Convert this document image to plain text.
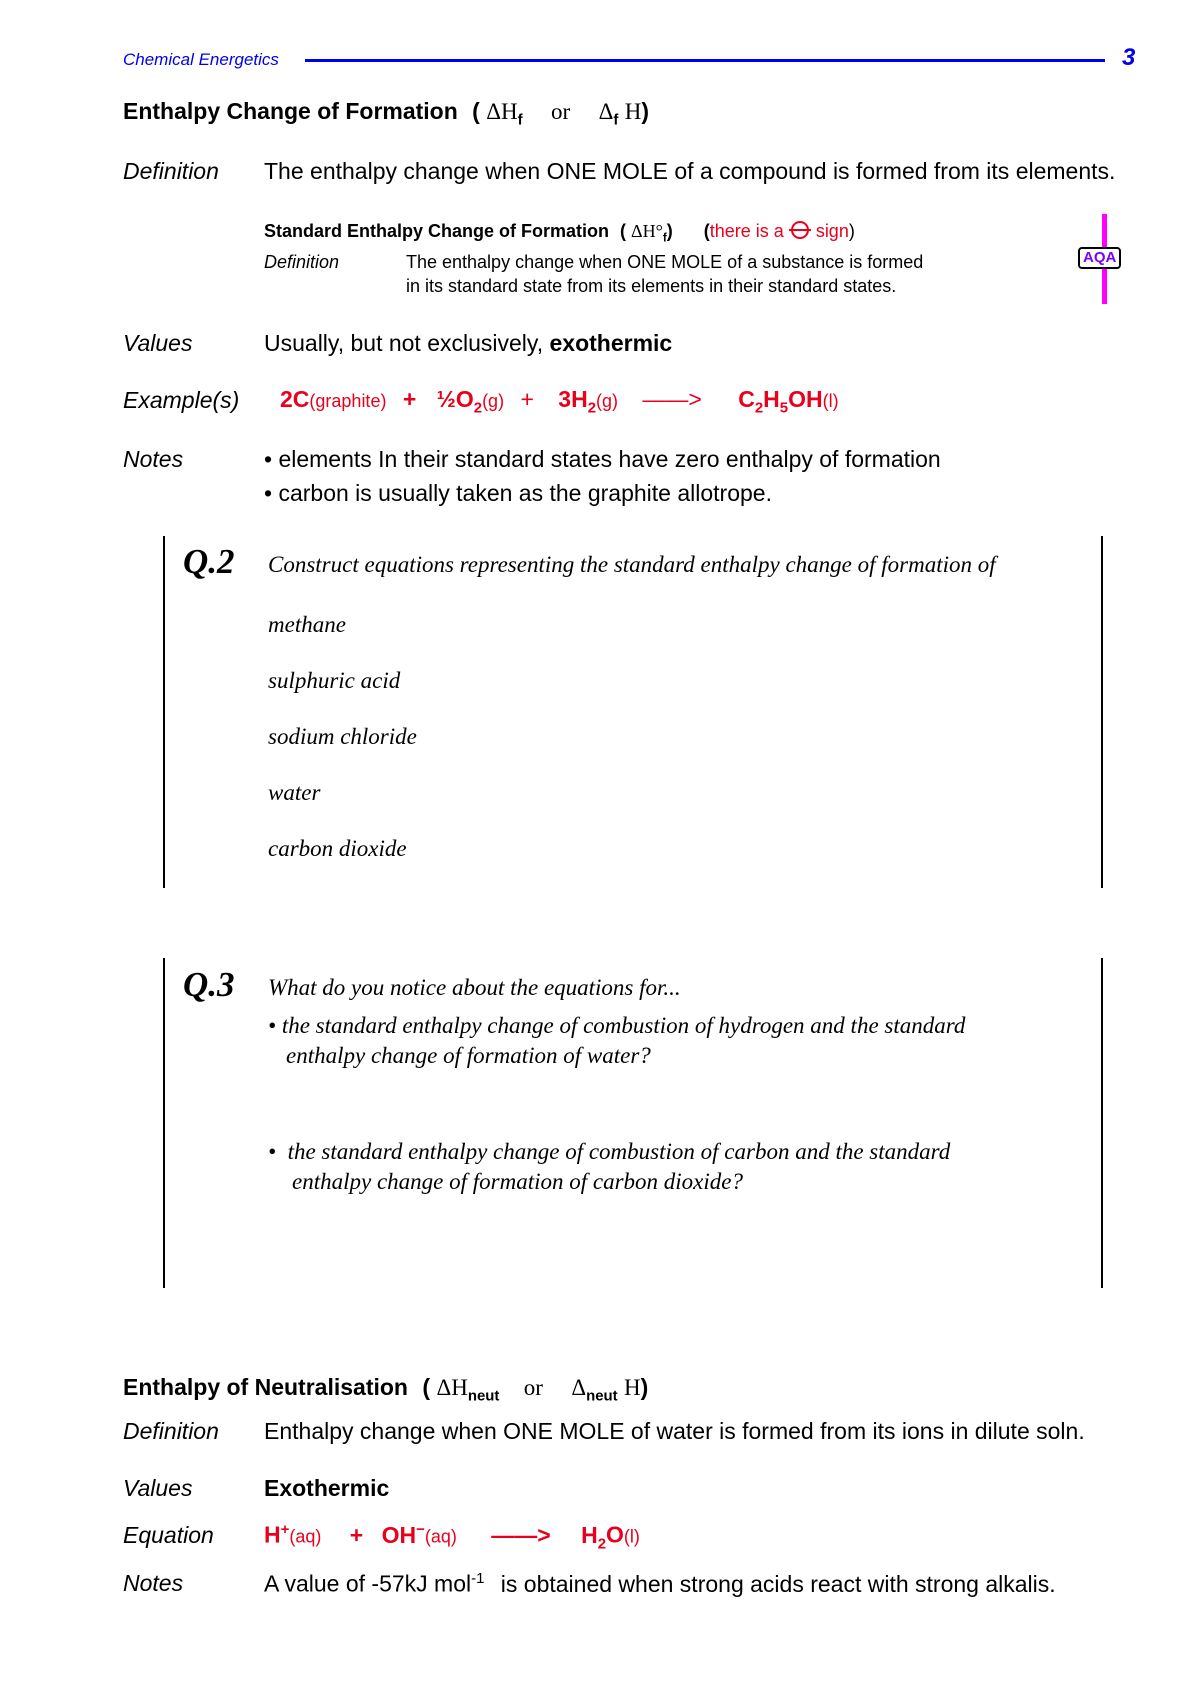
Chemical Energetics	3
Enthalpy Change of Formation ( $\Delta H_f$ or $\Delta_f$ H)
Definition The enthalpy change when ONE MOLE of a compound is formed from its elements.
Standard Enthalpy Change of Formation ( $\Delta H^\circ_f$) (there is a sign)
Definition	The enthalpy change when ONE MOLE of a substance is formed
in its standard state from its elements in their standard states.
AQA
Values	Usually, but not exclusively, exothermic
Example(s) 2C(graphite) + $\frac{1}{2}O_2(g) + 3H_2(g)$ ——> $C_2H_5OH(l)$
Notes	• elements In their standard states have zero enthalpy of formation
• carbon is usually taken as the graphite allotrope.
Q.2 Construct equations representing the standard enthalpy change of formation of
methane
sulphuric acid
sodium chloride
water
carbon dioxide
Q.3 What do you notice about the equations for...
• the standard enthalpy change of combustion of hydrogen and the standard
enthalpy change of formation of water?
•  the standard enthalpy change of combustion of carbon and the standard
enthalpy change of formation of carbon dioxide?
Enthalpy of Neutralisation ( $\Delta H_{neut}$ or $\Delta_{neut}$ H)
Definition Enthalpy change when ONE MOLE of water is formed from its ions in dilute soln.
Values	Exothermic
Equation H+(aq) + OH−(aq) ——> $H_2O(l)$
Notes	A value of -57kJ mol$^{-1}$ is obtained when strong acids react with strong alkalis.
